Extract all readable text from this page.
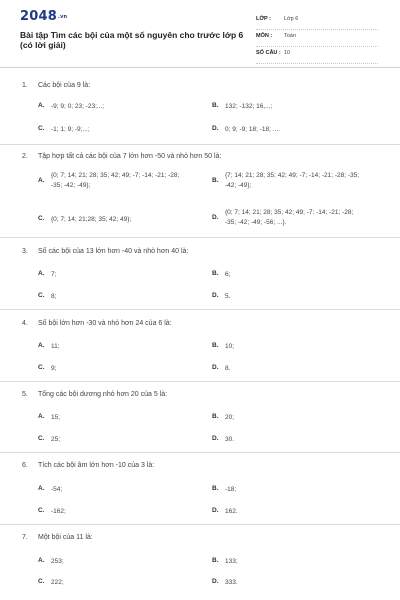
$2048^{.vn}$
Bài tập Tìm các bội của một số nguyên cho trước lớp 6 (có lời giải)
LỚP : Lớp 6
MÔN : Toán
SỐ CÂU : 10
1. Các bội của 9 là:
A. -9; 9; 0; 23; -23;...;	B. 132; -132; 16,...;
C. -1; 1; 9; -9;...;	D. 0; 9; -9; 18; -18; ....
2. Tập hợp tất cả các bội của 7 lớn hơn -50 và nhỏ hơn 50 là:
A.
{0; 7; 14; 21; 28; 35; 42; 49; -7; -14; -21; -28; -35; -42; -49};
B.
{7; 14; 21; 28; 35; 42; 49; -7; -14; -21; -28; -35; -42; -49};
C. {0; 7; 14; 21;28; 35; 42; 49};	D.
{0; 7; 14; 21; 28; 35; 42; 49; -7; -14; -21; -28; -35; -42; -49; -56; ...}.
3. Số các bội của 13 lớn hơn -40 và nhỏ hơn 40 là:
A. 7;	B. 6;
C. 8;	D. 5.
4. Số bội lớn hơn -30 và nhỏ hơn 24 của 6 là:
A. 11;	B. 10;
C. 9;	D. 8.
5. Tổng các bội dương nhỏ hơn 20 của 5 là:
A. 15;	B. 20;
C. 25;	D. 30.
6. Tích các bội âm lớn hơn -10 của 3 là:
A. -54;	B. -18;
C. -162;	D. 162.
7. Một bội của 11 là:
A. 253;	B. 133;
C. 222;	D. 333.
